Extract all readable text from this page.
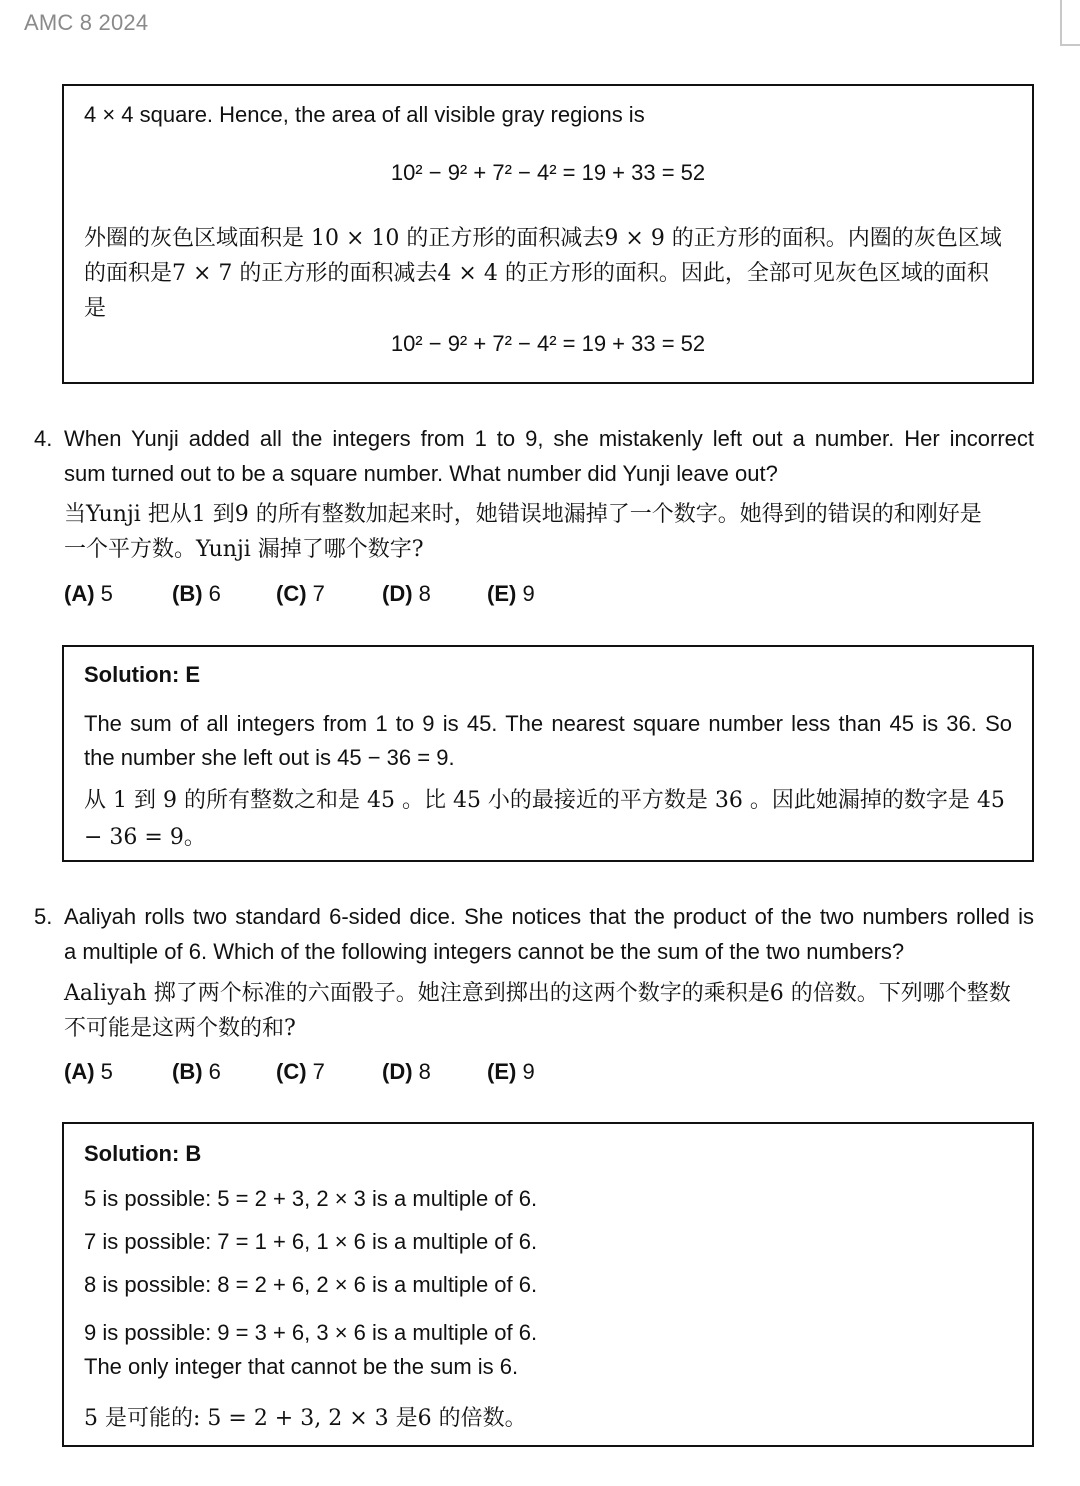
AMC 8 2024
4 × 4 square. Hence, the area of all visible gray regions is
10² − 9² + 7² − 4² = 19 + 33 = 52
外圈的灰色区域面积是 10 × 10 的正方形的面积减去9 × 9 的正方形的面积。内圈的灰色区域
的面积是7 × 7 的正方形的面积减去4 × 4 的正方形的面积。因此，全部可见灰色区域的面积
是
10² − 9² + 7² − 4² = 19 + 33 = 52
4. When Yunji added all the integers from 1 to 9, she mistakenly left out a number. Her incorrect
sum turned out to be a square number. What number did Yunji leave out?
当Yunji 把从1 到9 的所有整数加起来时，她错误地漏掉了一个数字。她得到的错误的和刚好是
一个平方数。Yunji 漏掉了哪个数字?
(A) 5	(B) 6	(C) 7	(D) 8	(E) 9
Solution: E
The sum of all integers from 1 to 9 is 45. The nearest square number less than 45 is 36. So
the number she left out is 45 − 36 = 9.
从 1 到 9 的所有整数之和是 45 。比 45 小的最接近的平方数是 36 。因此她漏掉的数字是 45
− 36 = 9。
5. Aaliyah rolls two standard 6-sided dice. She notices that the product of the two numbers rolled is
a multiple of 6. Which of the following integers cannot be the sum of the two numbers?
Aaliyah 掷了两个标准的六面骰子。她注意到掷出的这两个数字的乘积是6 的倍数。下列哪个整数
不可能是这两个数的和?
(A) 5	(B) 6	(C) 7	(D) 8	(E) 9
Solution: B
5 is possible: 5 = 2 + 3, 2 × 3 is a multiple of 6.
7 is possible: 7 = 1 + 6, 1 × 6 is a multiple of 6.
8 is possible: 8 = 2 + 6, 2 × 6 is a multiple of 6.
9 is possible: 9 = 3 + 6, 3 × 6 is a multiple of 6.
The only integer that cannot be the sum is 6.
5 是可能的: 5 = 2 + 3, 2 × 3 是6 的倍数。
